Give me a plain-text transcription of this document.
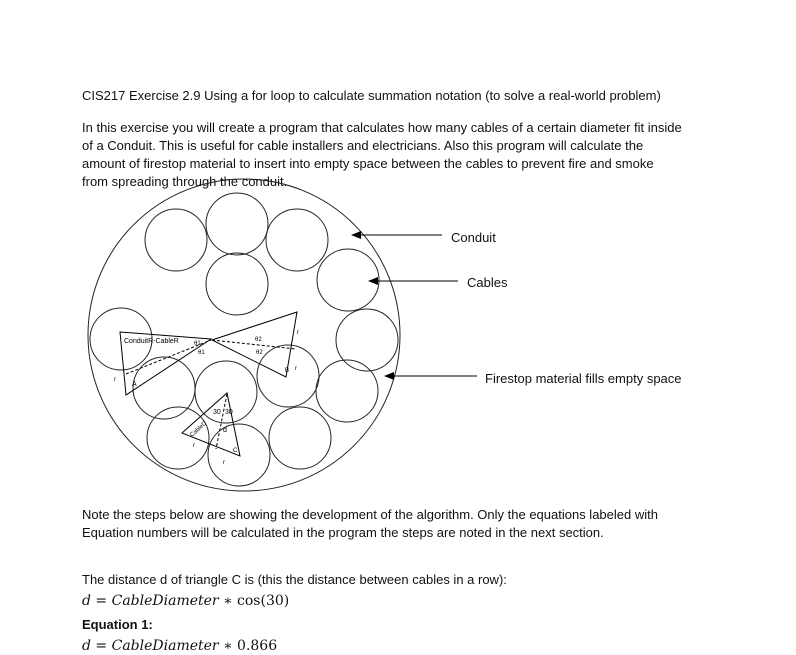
CIS217 Exercise 2.9 Using a for loop to calculate summation notation (to solve a real-world problem)
In this exercise you will create a program that calculates how many cables of a certain diameter fit inside
of a Conduit. This is useful for cable installers and electricians. Also this program will calculate the
amount of firestop material to insert into empty space between the cables to prevent fire and smoke
from spreading through the conduit.
ConduitR-CableR	θ1
θ1
r
A
θ2
θ2
r
r
B
CableD
30 30
d
r
r
C
Conduit
Cables
Firestop material fills empty space
Note the steps below are showing the development of the algorithm. Only the equations labeled with
Equation numbers will be calculated in the program the steps are noted in the next section.
The distance d of triangle C is (this the distance between cables in a row):
d = CableDiameter ∗ cos(30)
Equation 1:
d = CableDiameter ∗ 0.866
